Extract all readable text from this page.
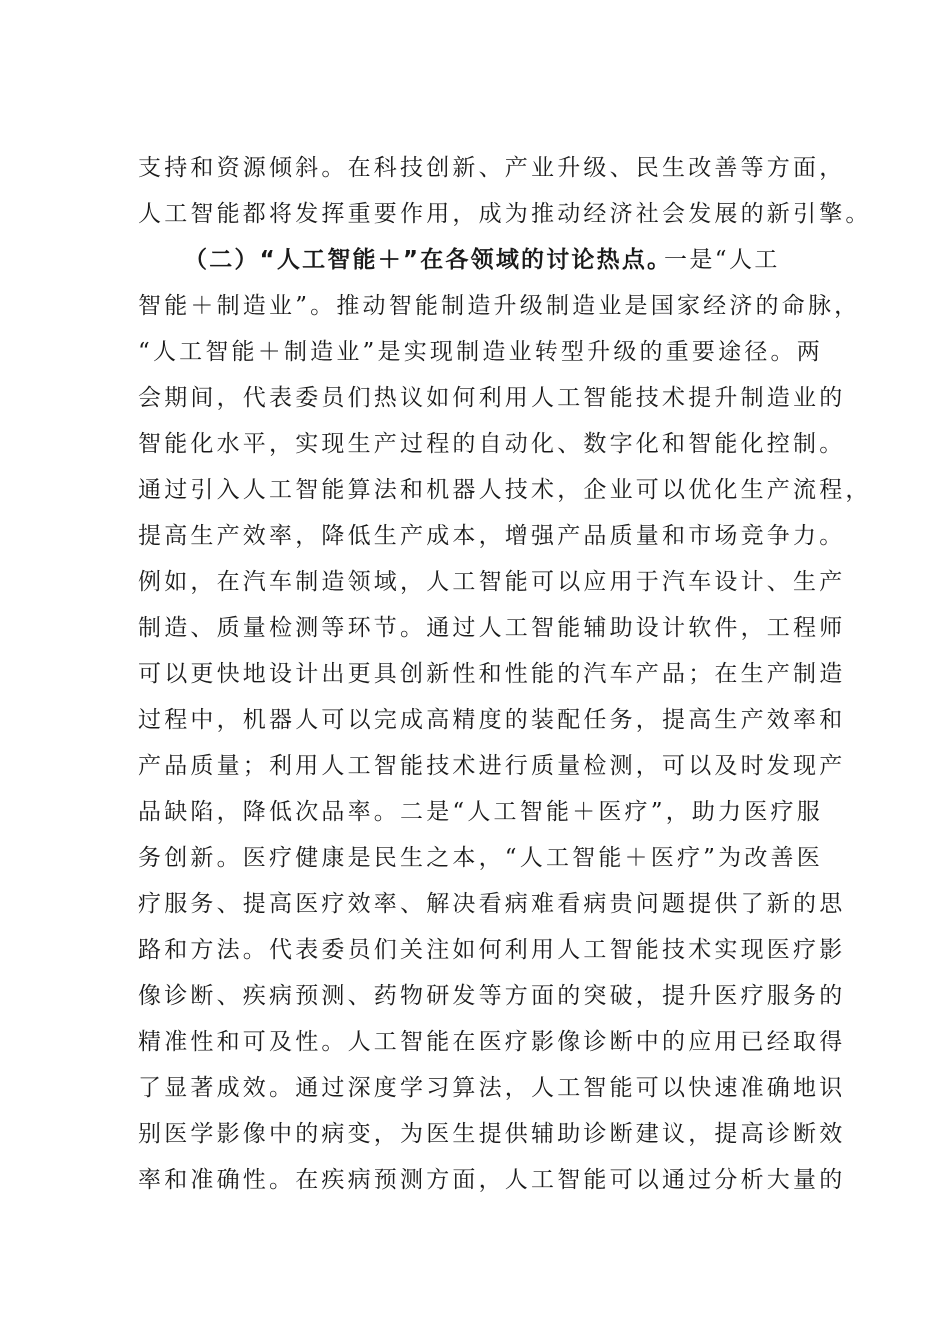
支持和资源倾斜。在科技创新、产业升级、民生改善等方面，
人工智能都将发挥重要作用，成为推动经济社会发展的新引擎。
（二）“人工智能＋”在各领域的讨论热点。
一是“人工
智能＋制造业”。推动智能制造升级制造业是国家经济的命脉，
“人工智能＋制造业”是实现制造业转型升级的重要途径。两
会期间，代表委员们热议如何利用人工智能技术提升制造业的
智能化水平，实现生产过程的自动化、数字化和智能化控制。
通过引入人工智能算法和机器人技术，企业可以优化生产流程，
提高生产效率，降低生产成本，增强产品质量和市场竞争力。
例如，在汽车制造领域，人工智能可以应用于汽车设计、生产
制造、质量检测等环节。通过人工智能辅助设计软件，工程师
可以更快地设计出更具创新性和性能的汽车产品；在生产制造
过程中，机器人可以完成高精度的装配任务，提高生产效率和
产品质量；利用人工智能技术进行质量检测，可以及时发现产
品缺陷，降低次品率。二是“人工智能＋医疗”，助力医疗服
务创新。医疗健康是民生之本，“人工智能＋医疗”为改善医
疗服务、提高医疗效率、解决看病难看病贵问题提供了新的思
路和方法。代表委员们关注如何利用人工智能技术实现医疗影
像诊断、疾病预测、药物研发等方面的突破，提升医疗服务的
精准性和可及性。人工智能在医疗影像诊断中的应用已经取得
了显著成效。通过深度学习算法，人工智能可以快速准确地识
别医学影像中的病变，为医生提供辅助诊断建议，提高诊断效
率和准确性。在疾病预测方面，人工智能可以通过分析大量的
